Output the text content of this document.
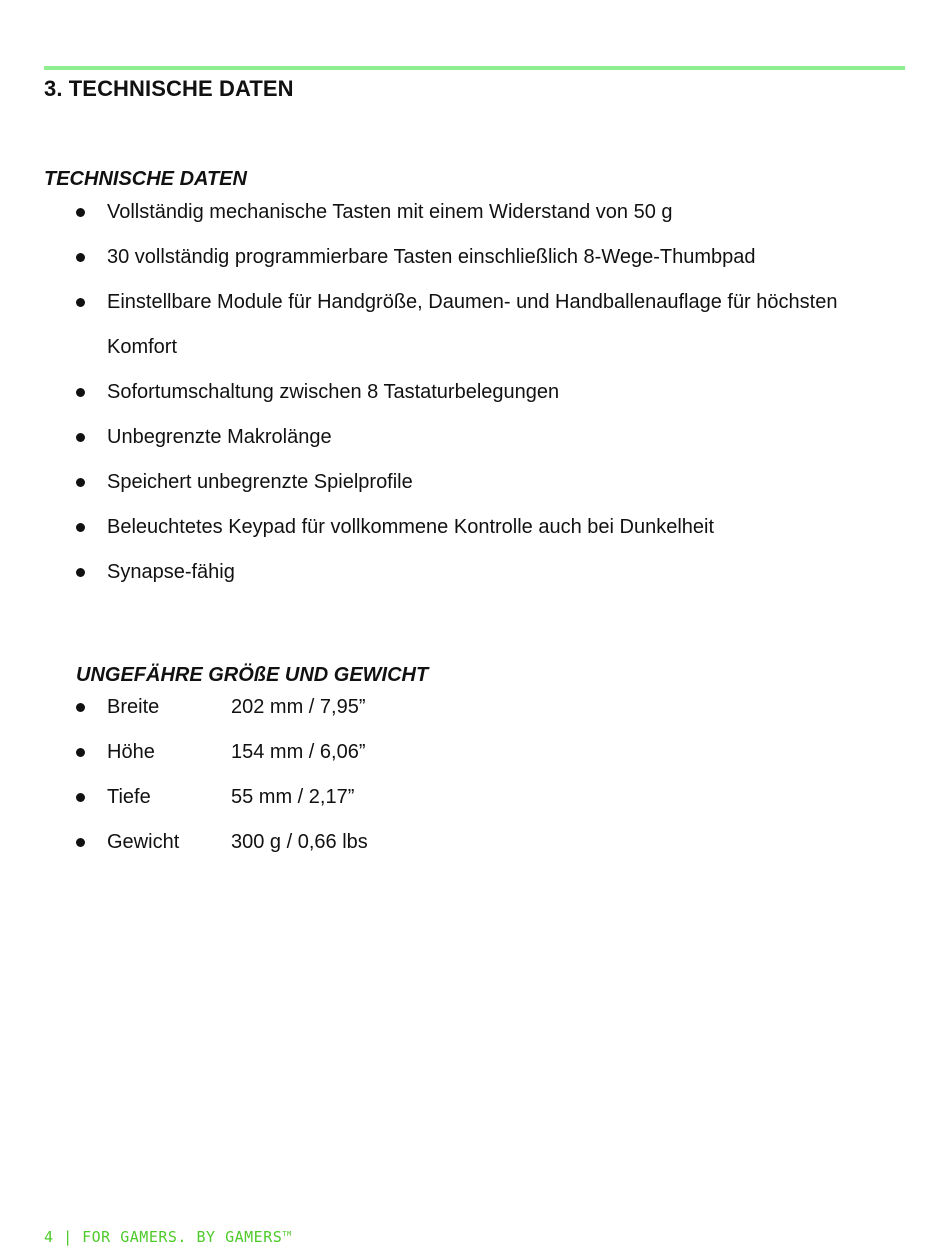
3. TECHNISCHE DATEN
TECHNISCHE DATEN
Vollständig mechanische Tasten mit einem Widerstand von 50 g
30 vollständig programmierbare Tasten einschließlich 8-Wege-Thumbpad
Einstellbare Module für Handgröße, Daumen- und Handballenauflage für höchsten Komfort
Sofortumschaltung zwischen 8 Tastaturbelegungen
Unbegrenzte Makrolänge
Speichert unbegrenzte Spielprofile
Beleuchtetes Keypad für vollkommene Kontrolle auch bei Dunkelheit
Synapse-fähig
UNGEFÄHRE GRÖßE UND GEWICHT
Breite	202 mm / 7,95”
Höhe	154 mm / 6,06”
Tiefe	55 mm / 2,17”
Gewicht	300 g / 0,66 lbs
4 | FOR GAMERS. BY GAMERS™
